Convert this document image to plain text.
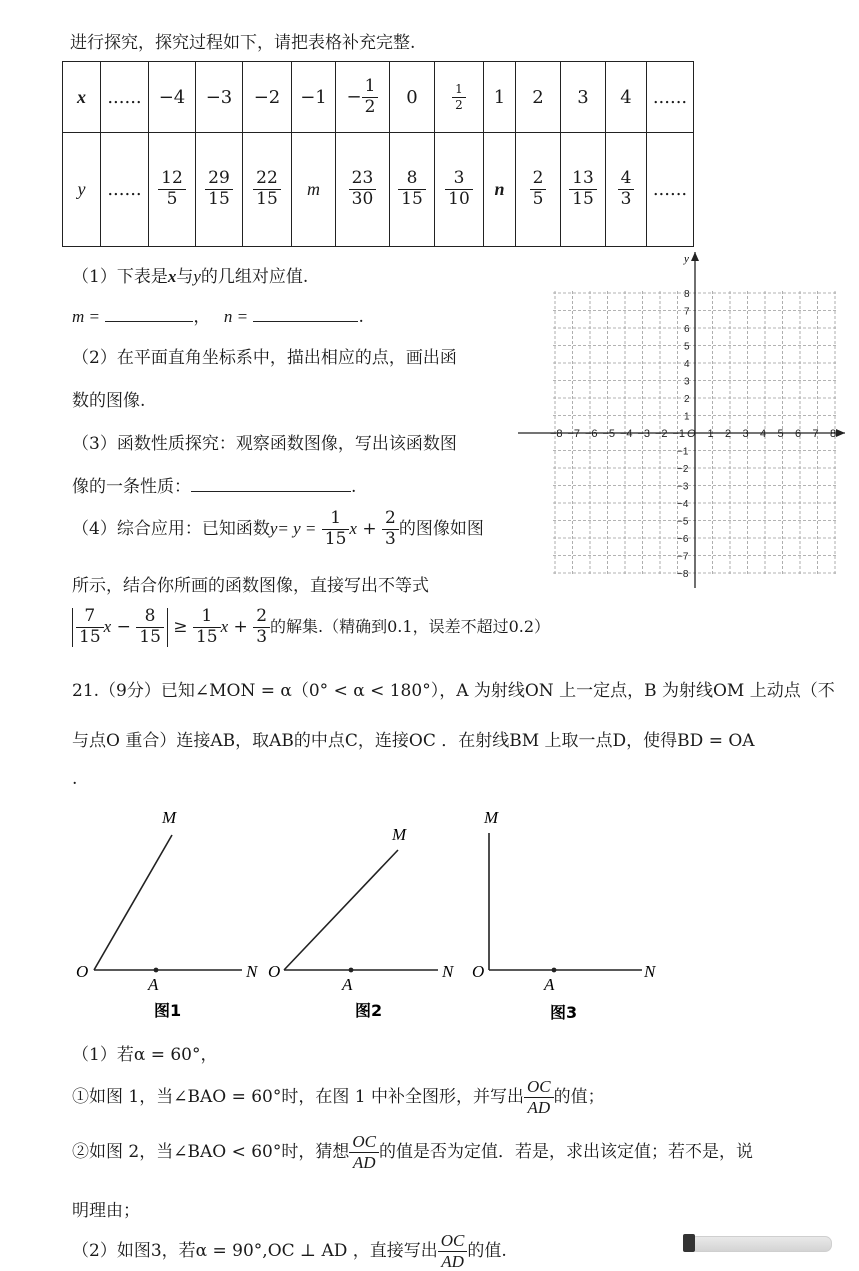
进行探究，探究过程如下，请把表格补充完整.
x	......	−4	−3	−2	−1	− $\frac{1}{2}$	0	$\frac{1}{2}$	1	2	3	4	......
y	......	$\frac{12}{5}$	$\frac{29}{15}$	$\frac{22}{15}$	m	$\frac{23}{30}$	$\frac{8}{15}$	$\frac{3}{10}$	n	$\frac{2}{5}$	$\frac{13}{15}$	$\frac{4}{3}$	......
（1）下表是x与y的几组对应值.
m =	， n =	.
（2）在平面直角坐标系中，描出相应的点，画出函
数的图像.
（3）函数性质探究：观察函数图像，写出该函数图
像的一条性质：	.
（4）综合应用：已知函数$y= y = \frac{1}{15}$ $x + \frac{2}{3}$ 的图像如图
所示，结合你所画的函数图像，直接写出不等式
$\frac{7}{15}$ $x - \frac{8}{15} \ge \frac{1}{15}$ $x + \frac{2}{3}$ 的解集.（精确到0.1，误差不超过0.2）
y
−8 −7 −6 −5 −4 −3 −2 −1 O 1 2 3 4 5 6 7 8
8
7
6
5
4
3
2
1
−1
−2
−3
−4
−5
−6
−7
−8
21.（9分）已知∠MON = α（0° < α < 180°），A 为射线ON 上一定点，B 为射线OM 上动点（不
与点O 重合）连接AB，取AB的中点C，连接OC ．在射线BM 上取一点D，使得BD = OA
.
M
O
A
N
图1
M
O
A
N
图2
M
O
A
N
图3
（1）若α = 60°，
①如图 1，当∠BAO = 60°时，在图 1 中补全图形，并写出 $\frac{OC}{AD}$ 的值；
②如图 2，当∠BAO < 60°时，猜想 $\frac{OC}{AD}$ 的值是否为定值．若是，求出该定值；若不是，说
明理由；
（2）如图3，若α = 90°,OC ⊥ AD ，直接写出 $\frac{OC}{AD}$ 的值.
